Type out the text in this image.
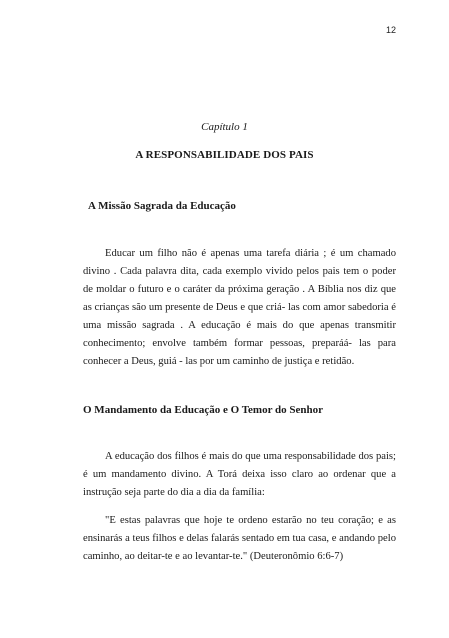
12
Capítulo 1
A RESPONSABILIDADE DOS PAIS
A Missão Sagrada da Educação

Educar um filho não é apenas uma tarefa diária ; é um chamado divino . Cada palavra dita, cada exemplo vivido pelos pais tem o poder de moldar o futuro e o caráter da próxima geração . A Bíblia nos diz que as crianças são um presente de Deus e que criá- las com amor sabedoria é uma missão sagrada . A educação é mais do que apenas transmitir conhecimento; envolve também formar pessoas, preparáá- las para conhecer a Deus, guiá - las por um caminho de justiça e retidão.

O Mandamento da Educação e O Temor do Senhor

A educação dos filhos é mais do que uma responsabilidade dos pais; é um mandamento divino. A Torá deixa isso claro ao ordenar que a instrução seja parte do dia a dia da família:

"E estas palavras que hoje te ordeno estarão no teu coração; e as ensinarás a teus filhos e delas falarás sentado em tua casa, e andando pelo caminho, ao deitar-te e ao levantar-te." (Deuteronômio 6:6-7)
